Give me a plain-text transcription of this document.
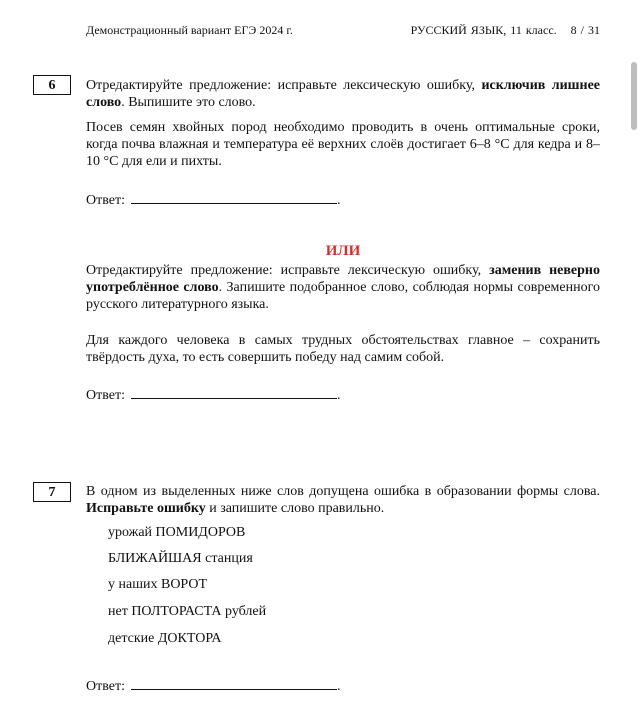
Демонстрационный вариант ЕГЭ 2024 г.	РУССКИЙ ЯЗЫК, 11 класс. 8 / 31
6	Отредактируйте предложение: исправьте лексическую ошибку, исключив лишнее слово. Выпишите это слово.
Посев семян хвойных пород необходимо проводить в очень оптимальные сроки, когда почва влажная и температура её верхних слоёв достигает 6–8 °C для кедра и 8–10 °C для ели и пихты.
Ответ:	.
ИЛИ
Отредактируйте предложение: исправьте лексическую ошибку, заменив неверно употреблённое слово. Запишите подобранное слово, соблюдая нормы современного русского литературного языка.
Для каждого человека в самых трудных обстоятельствах главное – сохранить твёрдость духа, то есть совершить победу над самим собой.
Ответ:	.
7	В одном из выделенных ниже слов допущена ошибка в образовании формы слова. Исправьте ошибку и запишите слово правильно.
урожай ПОМИДОРОВ
БЛИЖАЙШАЯ станция
у наших ВОРОТ
нет ПОЛТОРАСТА рублей
детские ДОКТОРА
Ответ:	.
